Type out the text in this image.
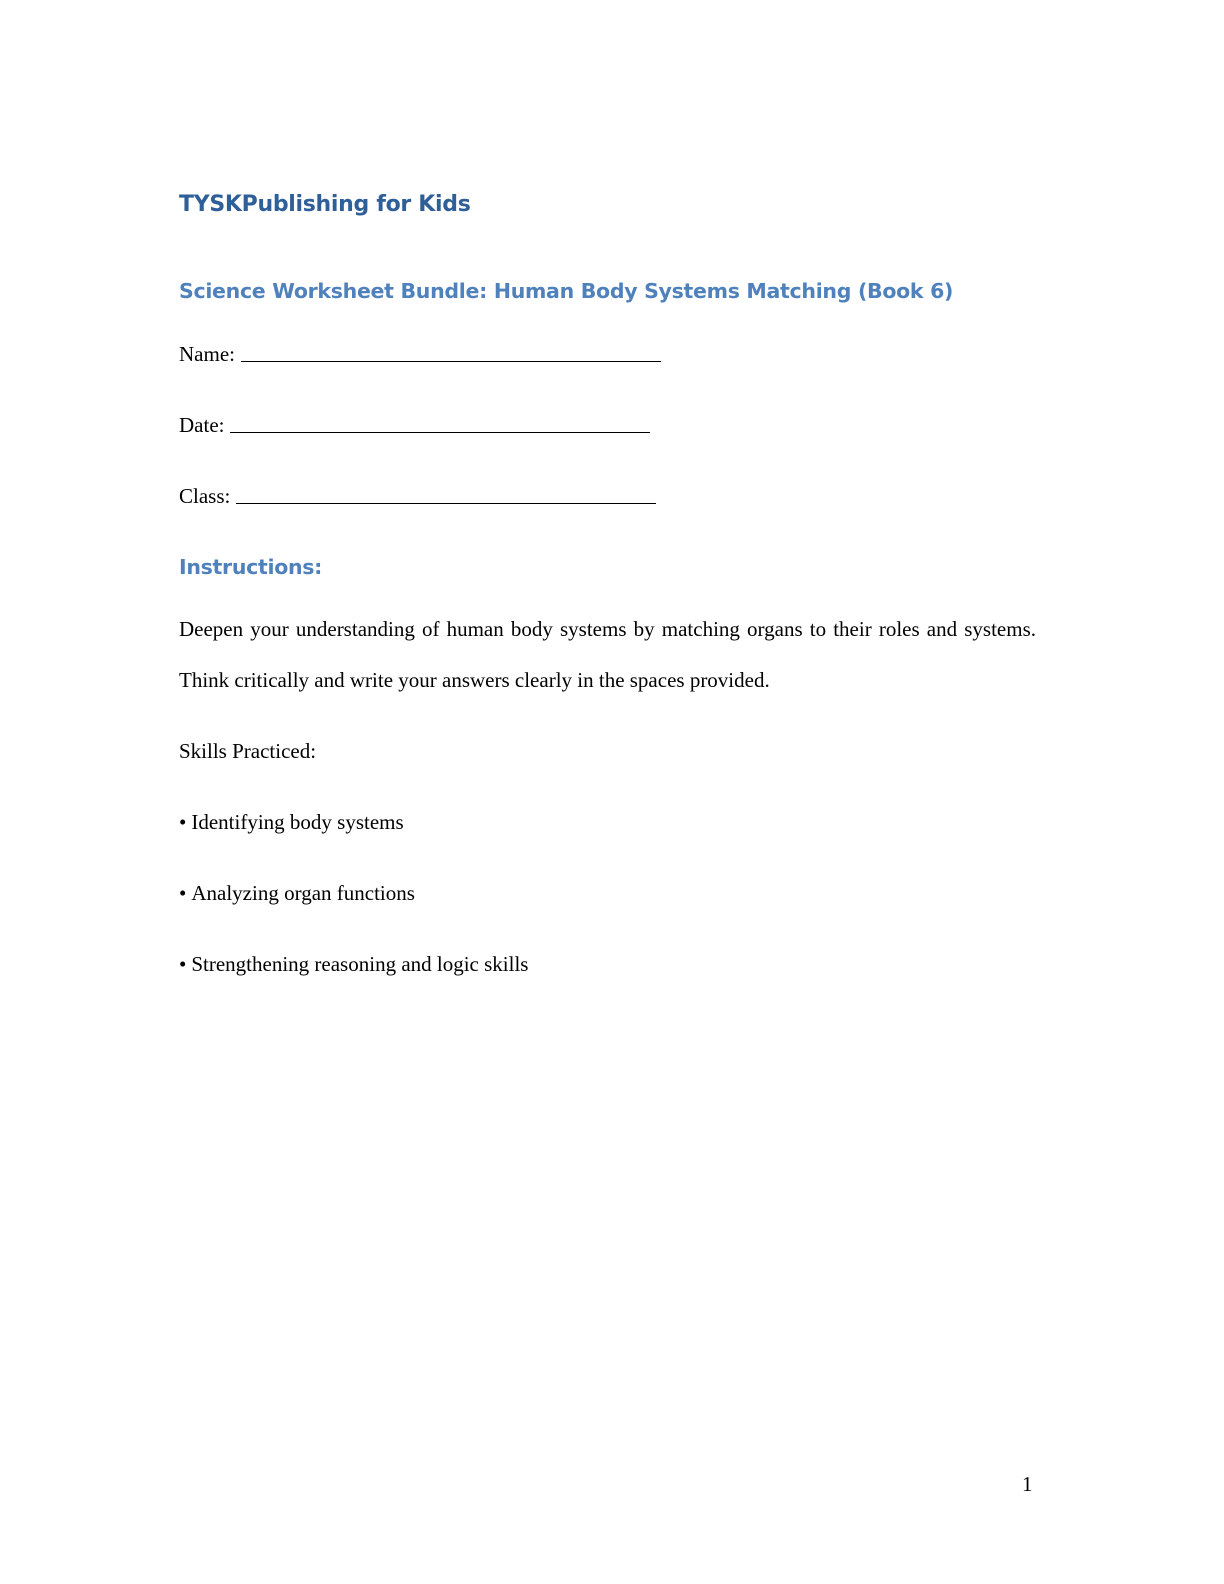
TYSKPublishing for Kids
Science Worksheet Bundle: Human Body Systems Matching (Book 6)
Name:
Date:
Class:
Instructions:

Deepen your understanding of human body systems by matching organs to their roles and systems. Think critically and write your answers clearly in the spaces provided.

Skills Practiced:
• Identifying body systems
• Analyzing organ functions
• Strengthening reasoning and logic skills
1
